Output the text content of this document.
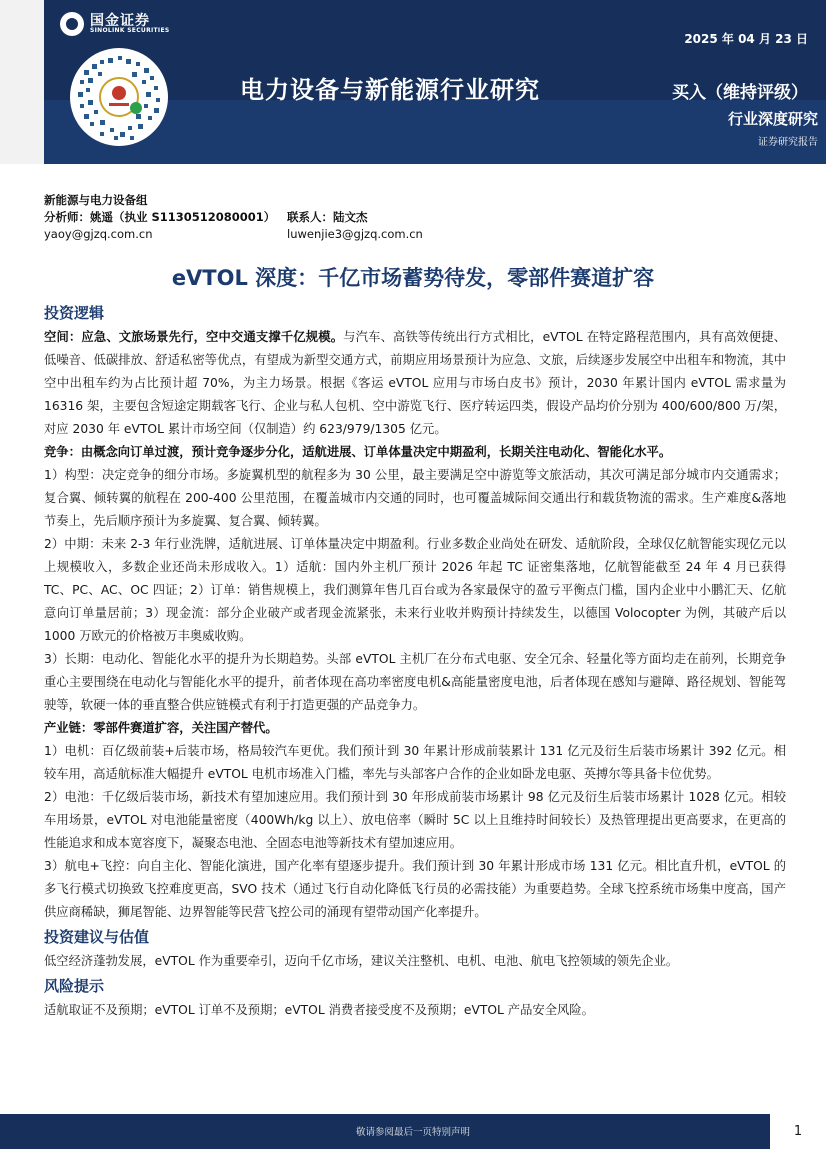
国金证券
SINOLINK SECURITIES
2025 年 04 月 23 日
电力设备与新能源行业研究	买入（维持评级）
行业深度研究
证券研究报告
新能源与电力设备组
分析师：姚遥（执业 S1130512080001）	联系人：陆文杰
yaoy@gjzq.com.cn	luwenjie3@gjzq.com.cn
eVTOL 深度：千亿市场蓄势待发，零部件赛道扩容
投资逻辑

空间：应急、文旅场景先行，空中交通支撑千亿规模。与汽车、高铁等传统出行方式相比，eVTOL 在特定路程范围内，具有高效便捷、低噪音、低碳排放、舒适私密等优点，有望成为新型交通方式，前期应用场景预计为应急、文旅，后续逐步发展空中出租车和物流，其中空中出租车约为占比预计超 70%，为主力场景。根据《客运 eVTOL 应用与市场白皮书》预计，2030 年累计国内 eVTOL 需求量为 16316 架，主要包含短途定期载客飞行、企业与私人包机、空中游览飞行、医疗转运四类，假设产品均价分别为 400/600/800 万/架，对应 2030 年 eVTOL 累计市场空间（仅制造）约 623/979/1305 亿元。

竞争：由概念向订单过渡，预计竞争逐步分化，适航进展、订单体量决定中期盈利，长期关注电动化、智能化水平。

1）构型：决定竞争的细分市场。多旋翼机型的航程多为 30 公里，最主要满足空中游览等文旅活动，其次可满足部分城市内交通需求；复合翼、倾转翼的航程在 200-400 公里范围，在覆盖城市内交通的同时，也可覆盖城际间交通出行和载货物流的需求。生产难度&落地节奏上，先后顺序预计为多旋翼、复合翼、倾转翼。

2）中期：未来 2-3 年行业洗牌，适航进展、订单体量决定中期盈利。行业多数企业尚处在研发、适航阶段，全球仅亿航智能实现亿元以上规模收入，多数企业还尚未形成收入。1）适航：国内外主机厂预计 2026 年起 TC 证密集落地，亿航智能截至 24 年 4 月已获得 TC、PC、AC、OC 四证；2）订单：销售规模上，我们测算年售几百台或为各家最保守的盈亏平衡点门槛，国内企业中小鹏汇天、亿航意向订单量居前；3）现金流：部分企业破产或者现金流紧张，未来行业收并购预计持续发生，以德国 Volocopter 为例，其破产后以 1000 万欧元的价格被万丰奥威收购。

3）长期：电动化、智能化水平的提升为长期趋势。头部 eVTOL 主机厂在分布式电驱、安全冗余、轻量化等方面均走在前列，长期竞争重心主要围绕在电动化与智能化水平的提升，前者体现在高功率密度电机&高能量密度电池，后者体现在感知与避障、路径规划、智能驾驶等，软硬一体的垂直整合供应链模式有利于打造更强的产品竞争力。

产业链：零部件赛道扩容，关注国产替代。

1）电机：百亿级前装+后装市场，格局较汽车更优。我们预计到 30 年累计形成前装累计 131 亿元及衍生后装市场累计 392 亿元。相较车用，高适航标准大幅提升 eVTOL 电机市场准入门槛，率先与头部客户合作的企业如卧龙电驱、英搏尔等具备卡位优势。

2）电池：千亿级后装市场，新技术有望加速应用。我们预计到 30 年形成前装市场累计 98 亿元及衍生后装市场累计 1028 亿元。相较车用场景，eVTOL 对电池能量密度（400Wh/kg 以上）、放电倍率（瞬时 5C 以上且维持时间较长）及热管理提出更高要求，在更高的性能追求和成本宽容度下，凝聚态电池、全固态电池等新技术有望加速应用。

3）航电+飞控：向自主化、智能化演进，国产化率有望逐步提升。我们预计到 30 年累计形成市场 131 亿元。相比直升机，eVTOL 的多飞行模式切换致飞控难度更高，SVO 技术（通过飞行自动化降低飞行员的必需技能）为重要趋势。全球飞控系统市场集中度高，国产供应商稀缺，狮尾智能、边界智能等民营飞控公司的涌现有望带动国产化率提升。

投资建议与估值

低空经济蓬勃发展，eVTOL 作为重要牵引，迈向千亿市场，建议关注整机、电机、电池、航电飞控领域的领先企业。

风险提示

适航取证不及预期；eVTOL 订单不及预期；eVTOL 消费者接受度不及预期；eVTOL 产品安全风险。

敬请参阅最后一页特别声明	1
